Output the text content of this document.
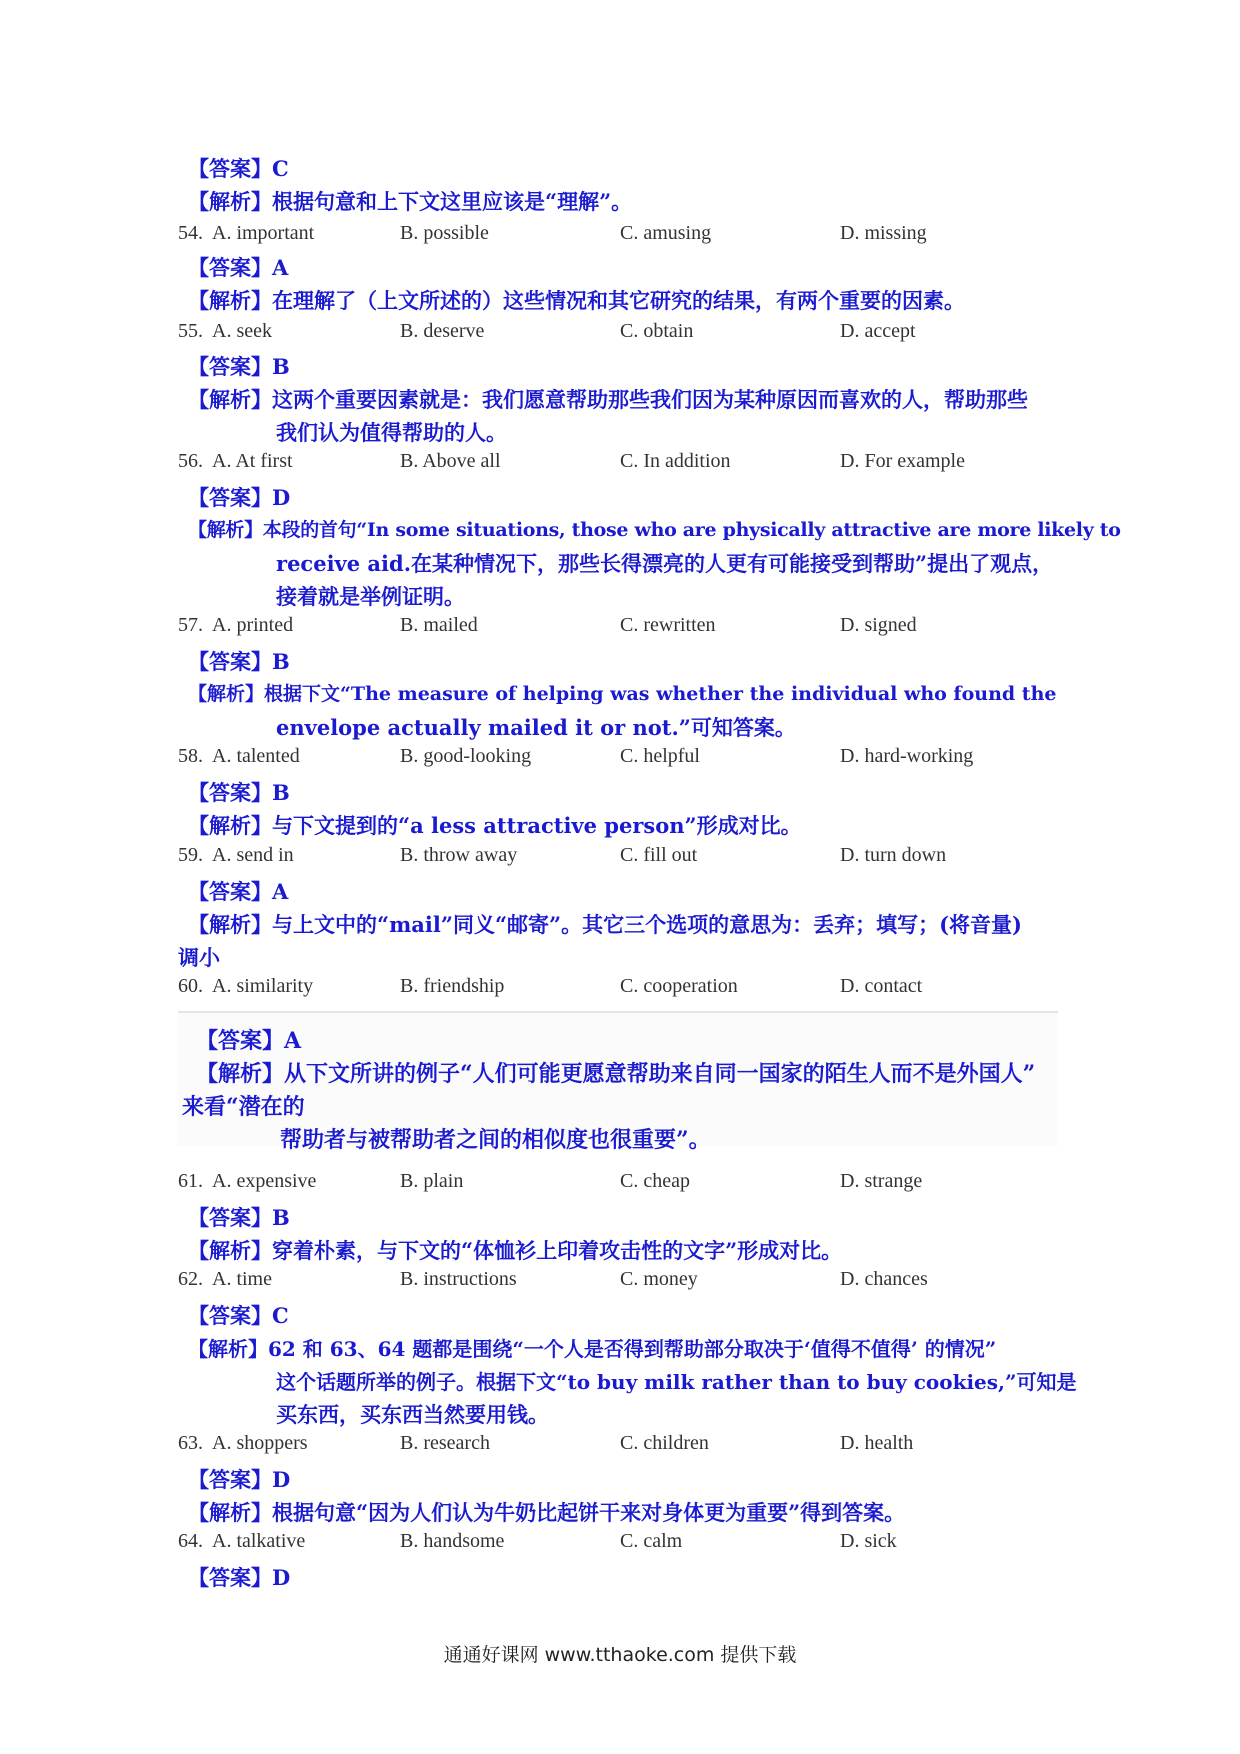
【答案】C
【解析】根据句意和上下文这里应该是“理解”。
54. A. important	B. possible	C. amusing	D. missing
【答案】A
【解析】在理解了（上文所述的）这些情况和其它研究的结果，有两个重要的因素。
55. A. seek	B. deserve	C. obtain	D. accept
【答案】B
【解析】这两个重要因素就是：我们愿意帮助那些我们因为某种原因而喜欢的人，帮助那些
我们认为值得帮助的人。
56. A. At first	B. Above all	C. In addition	D. For example
【答案】D
【解析】本段的首句“In some situations, those who are physically attractive are more likely to
receive aid.在某种情况下，那些长得漂亮的人更有可能接受到帮助”提出了观点，
接着就是举例证明。
57. A. printed	B. mailed	C. rewritten	D. signed
【答案】B
【解析】根据下文“The measure of helping was whether the individual who found the
envelope actually mailed it or not.”可知答案。
58. A. talented	B. good-looking	C. helpful	D. hard-working
【答案】B
【解析】与下文提到的“a less attractive person”形成对比。
59. A. send in	B. throw away	C. fill out	D. turn down
【答案】A
【解析】与上文中的“mail”同义“邮寄”。其它三个选项的意思为：丢弃；填写；(将音量)
调小
60. A. similarity	B. friendship	C. cooperation	D. contact
【答案】A
【解析】从下文所讲的例子“人们可能更愿意帮助来自同一国家的陌生人而不是外国人”
来看“潜在的
帮助者与被帮助者之间的相似度也很重要”。
61. A. expensive	B. plain	C. cheap	D. strange
【答案】B
【解析】穿着朴素，与下文的“体恤衫上印着攻击性的文字”形成对比。
62. A. time	B. instructions	C. money	D. chances
【答案】C
【解析】62 和 63、64 题都是围绕“一个人是否得到帮助部分取决于‘值得不值得’ 的情况”
这个话题所举的例子。根据下文“to buy milk rather than to buy cookies,”可知是
买东西，买东西当然要用钱。
63. A. shoppers	B. research	C. children	D. health
【答案】D
【解析】根据句意“因为人们认为牛奶比起饼干来对身体更为重要”得到答案。
64. A. talkative	B. handsome	C. calm	D. sick
【答案】D
通通好课网 www.tthaoke.com 提供下载
